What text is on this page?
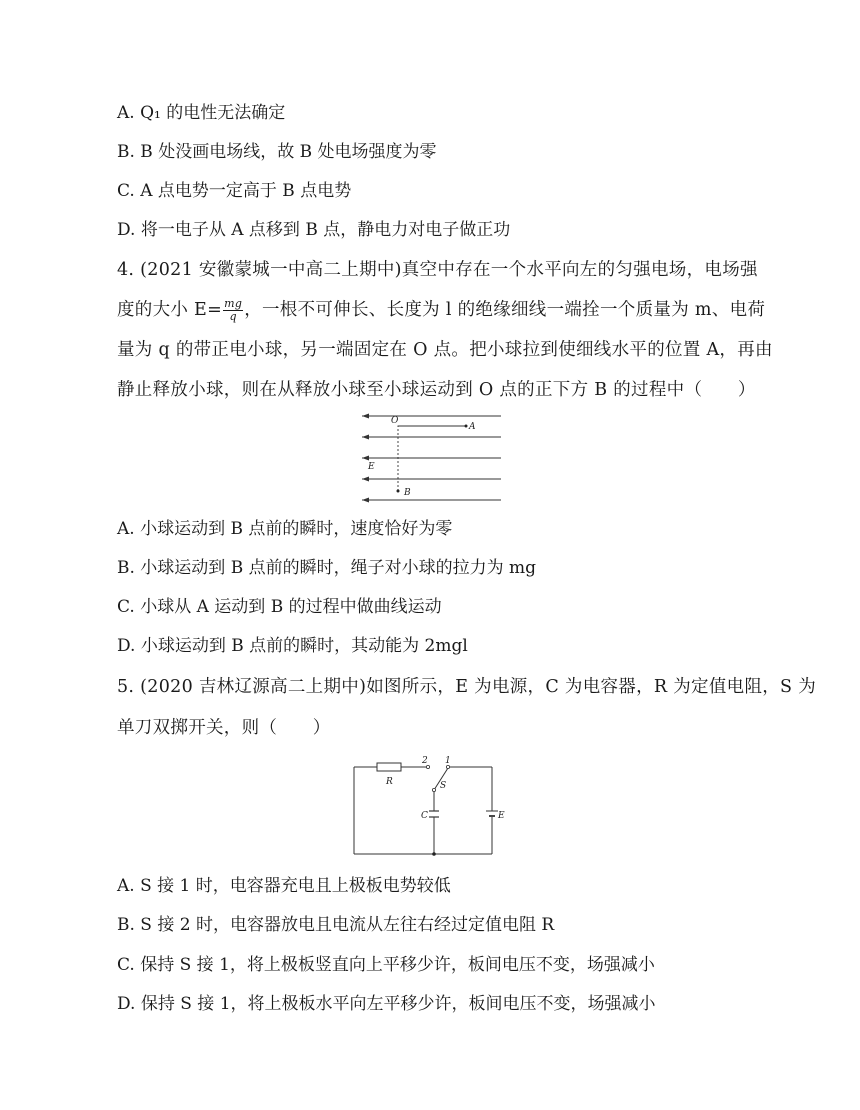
A. Q₁ 的电性无法确定
B. B 处没画电场线，故 B 处电场强度为零
C. A 点电势一定高于 B 点电势
D. 将一电子从 A 点移到 B 点，静电力对电子做正功
4. (2021 安徽蒙城一中高二上期中)真空中存在一个水平向左的匀强电场，电场强
度的大小 $E= \frac{mg}{q}$ ，一根不可伸长、长度为 l 的绝缘细线一端拴一个质量为 m、电荷
量为 q 的带正电小球，另一端固定在 O 点。把小球拉到使细线水平的位置 A，再由
静止释放小球，则在从释放小球至小球运动到 O 点的正下方 B 的过程中（　　）
O
A
E
B
A. 小球运动到 B 点前的瞬时，速度恰好为零
B. 小球运动到 B 点前的瞬时，绳子对小球的拉力为 mg
C. 小球从 A 运动到 B 的过程中做曲线运动
D. 小球运动到 B 点前的瞬时，其动能为 2mgl
5. (2020 吉林辽源高二上期中)如图所示，E 为电源，C 为电容器，R 为定值电阻，S 为
单刀双掷开关，则（　　）
R
2 1
S
C	E
A. S 接 1 时，电容器充电且上极板电势较低
B. S 接 2 时，电容器放电且电流从左往右经过定值电阻 R
C. 保持 S 接 1，将上极板竖直向上平移少许，板间电压不变，场强减小
D. 保持 S 接 1，将上极板水平向左平移少许，板间电压不变，场强减小
